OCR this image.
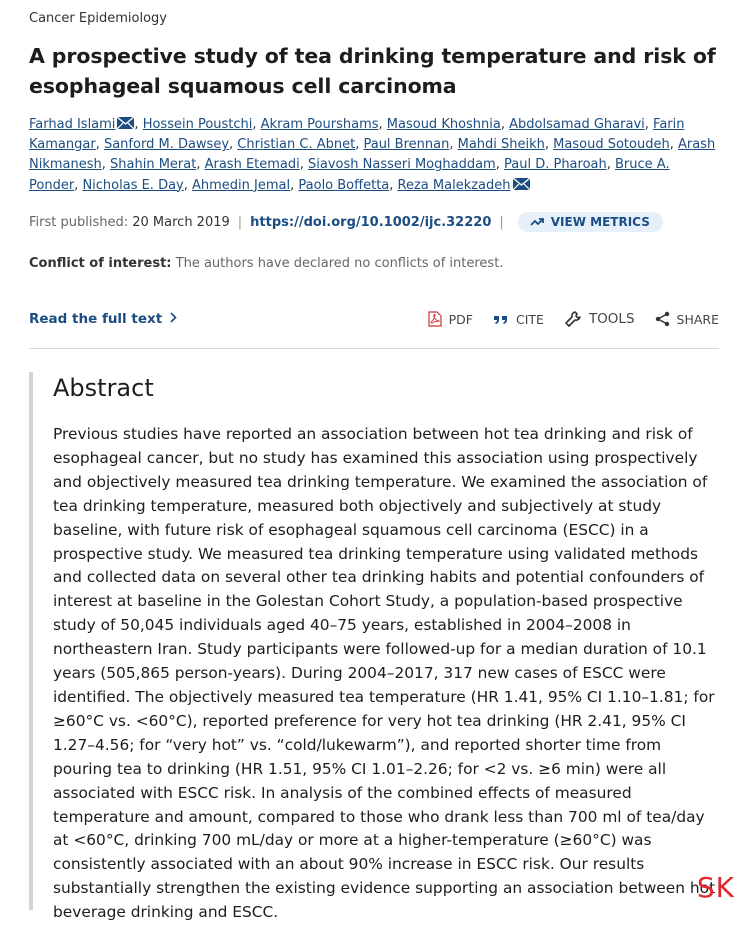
Cancer Epidemiology
A prospective study of tea drinking temperature and risk of esophageal squamous cell carcinoma
Farhad Islami , Hossein Poustchi, Akram Pourshams, Masoud Khoshnia, Abdolsamad Gharavi, Farin Kamangar, Sanford M. Dawsey, Christian C. Abnet, Paul Brennan, Mahdi Sheikh, Masoud Sotoudeh, Arash Nikmanesh, Shahin Merat, Arash Etemadi, Siavosh Nasseri Moghaddam, Paul D. Pharoah, Bruce A. Ponder, Nicholas E. Day, Ahmedin Jemal, Paolo Boffetta, Reza Malekzadeh
First published:
20 March 2019 | https://doi.org/10.1002/ijc.32220 |	VIEW METRICS
Conflict of interest: The authors have declared no conflicts of interest.
Read the full text	PDF	CITE	TOOLS	SHARE
Abstract

Previous studies have reported an association between hot tea drinking and risk of esophageal cancer, but no study has examined this association using prospectively and objectively measured tea drinking temperature. We examined the association of tea drinking temperature, measured both objectively and subjectively at study baseline, with future risk of esophageal squamous cell carcinoma (ESCC) in a prospective study. We measured tea drinking temperature using validated methods and collected data on several other tea drinking habits and potential confounders of interest at baseline in the Golestan Cohort Study, a population-based prospective study of 50,045 individuals aged 40–75 years, established in 2004–2008 in northeastern Iran. Study participants were followed-up for a median duration of 10.1 years (505,865 person-years). During 2004–2017, 317 new cases of ESCC were identified. The objectively measured tea temperature (HR 1.41, 95% CI 1.10–1.81; for ≥60°C vs. <60°C), reported preference for very hot tea drinking (HR 2.41, 95% CI 1.27–4.56; for “very hot” vs. “cold/lukewarm”), and reported shorter time from pouring tea to drinking (HR 1.51, 95% CI 1.01–2.26; for <2 vs. ≥6 min) were all associated with ESCC risk. In analysis of the combined effects of measured temperature and amount, compared to those who drank less than 700 ml of tea/day at <60°C, drinking 700 mL/day or more at a higher-temperature (≥60°C) was consistently associated with an about 90% increase in ESCC risk. Our results substantially strengthen the existing evidence supporting an association between hot beverage drinking and ESCC.

SK
